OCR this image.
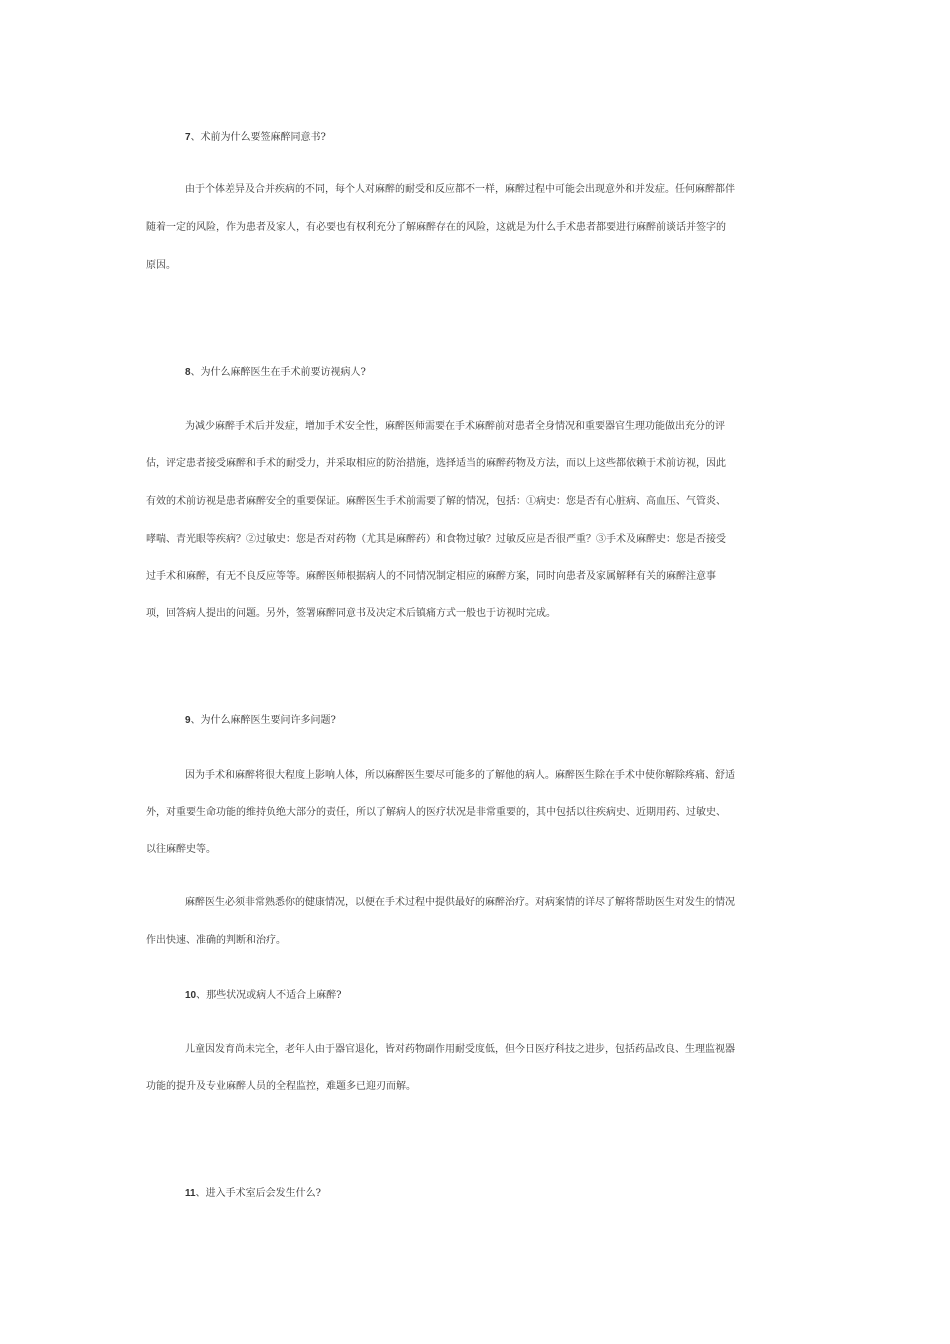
7、术前为什么要签麻醉同意书?
由于个体差异及合并疾病的不同，每个人对麻醉的耐受和反应都不一样，麻醉过程中可能会出现意外和并发症。任何麻醉都伴
随着一定的风险，作为患者及家人，有必要也有权利充分了解麻醉存在的风险，这就是为什么手术患者都要进行麻醉前谈话并签字的
原因。
8、为什么麻醉医生在手术前要访视病人?
为减少麻醉手术后并发症，增加手术安全性，麻醉医师需要在手术麻醉前对患者全身情况和重要器官生理功能做出充分的评
估，评定患者接受麻醉和手术的耐受力，并采取相应的防治措施，选择适当的麻醉药物及方法，而以上这些都依赖于术前访视，因此
有效的术前访视是患者麻醉安全的重要保证。麻醉医生手术前需要了解的情况，包括：①病史：您是否有心脏病、高血压、气管炎、
哮喘、青光眼等疾病？②过敏史：您是否对药物（尤其是麻醉药）和食物过敏？过敏反应是否很严重？③手术及麻醉史：您是否接受
过手术和麻醉，有无不良反应等等。麻醉医师根据病人的不同情况制定相应的麻醉方案，同时向患者及家属解释有关的麻醉注意事
项，回答病人提出的问题。另外，签署麻醉同意书及决定术后镇痛方式一般也于访视时完成。
9、为什么麻醉医生要问许多问题?
因为手术和麻醉将很大程度上影响人体，所以麻醉医生要尽可能多的了解他的病人。麻醉医生除在手术中使你解除疼痛、舒适
外，对重要生命功能的维持负绝大部分的责任，所以了解病人的医疗状况是非常重要的，其中包括以往疾病史、近期用药、过敏史、
以往麻醉史等。
麻醉医生必须非常熟悉你的健康情况，以便在手术过程中提供最好的麻醉治疗。对病案情的详尽了解将帮助医生对发生的情况
作出快速、准确的判断和治疗。
10、那些状况或病人不适合上麻醉?
儿童因发育尚未完全，老年人由于器官退化，皆对药物副作用耐受度低，但今日医疗科技之进步，包括药品改良、生理监视器
功能的提升及专业麻醉人员的全程监控，难题多已迎刃而解。
11、进入手术室后会发生什么?
